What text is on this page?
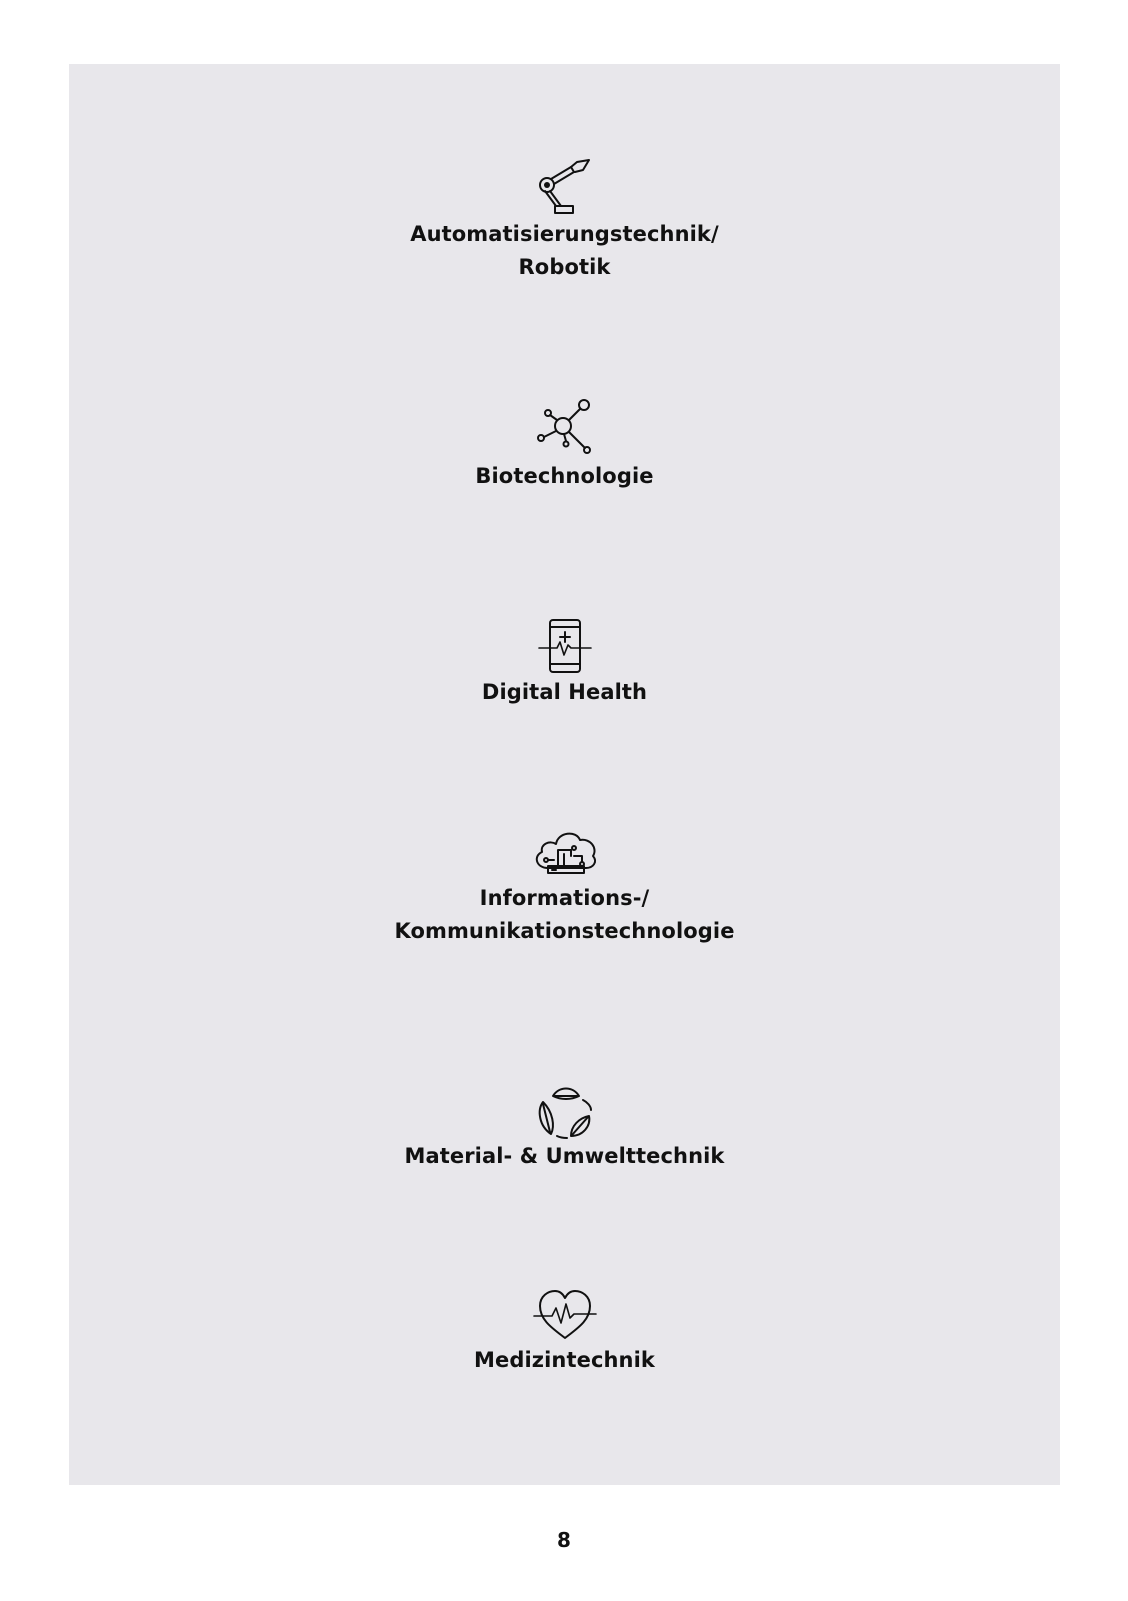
Automatisierungstechnik/
Robotik
Biotechnologie
Digital Health
Informations-/
Kommunikationstechnologie
Material- & Umwelttechnik
Medizintechnik
8
